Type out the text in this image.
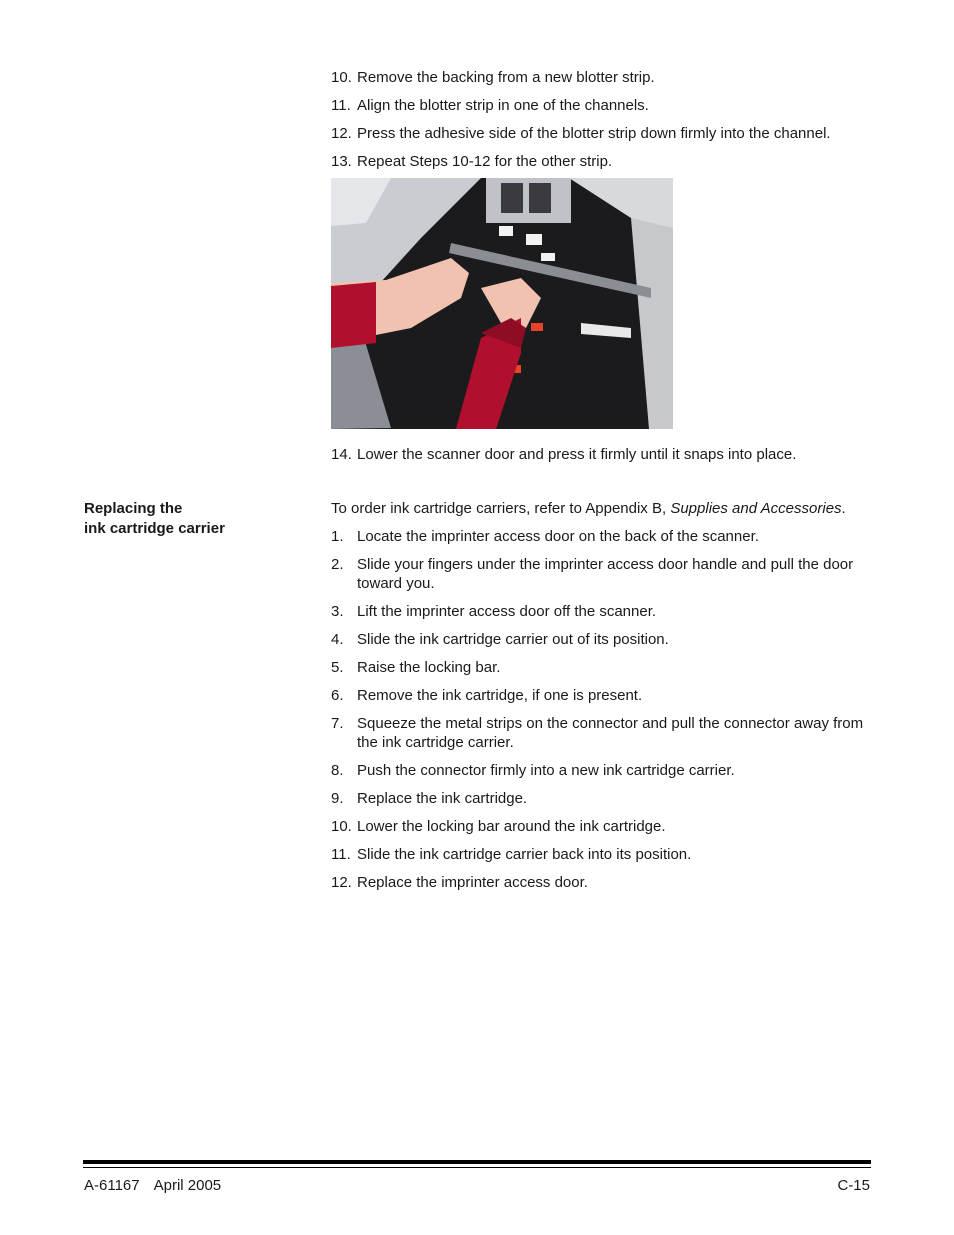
10. Remove the backing from a new blotter strip.
11. Align the blotter strip in one of the channels.
12. Press the adhesive side of the blotter strip down firmly into the channel.
13. Repeat Steps 10-12 for the other strip.
14. Lower the scanner door and press it firmly until it snaps into place.
Replacing the
ink cartridge carrier

To order ink cartridge carriers, refer to Appendix B, Supplies and Accessories.

1. Locate the imprinter access door on the back of the scanner.
2. Slide your fingers under the imprinter access door handle and pull the door toward you.
3. Lift the imprinter access door off the scanner.
4. Slide the ink cartridge carrier out of its position.
5. Raise the locking bar.
6. Remove the ink cartridge, if one is present.
7. Squeeze the metal strips on the connector and pull the connector away from the ink cartridge carrier.
8. Push the connector firmly into a new ink cartridge carrier.
9. Replace the ink cartridge.
10. Lower the locking bar around the ink cartridge.
11. Slide the ink cartridge carrier back into its position.
12. Replace the imprinter access door.
A-61167 April 2005	C-15
